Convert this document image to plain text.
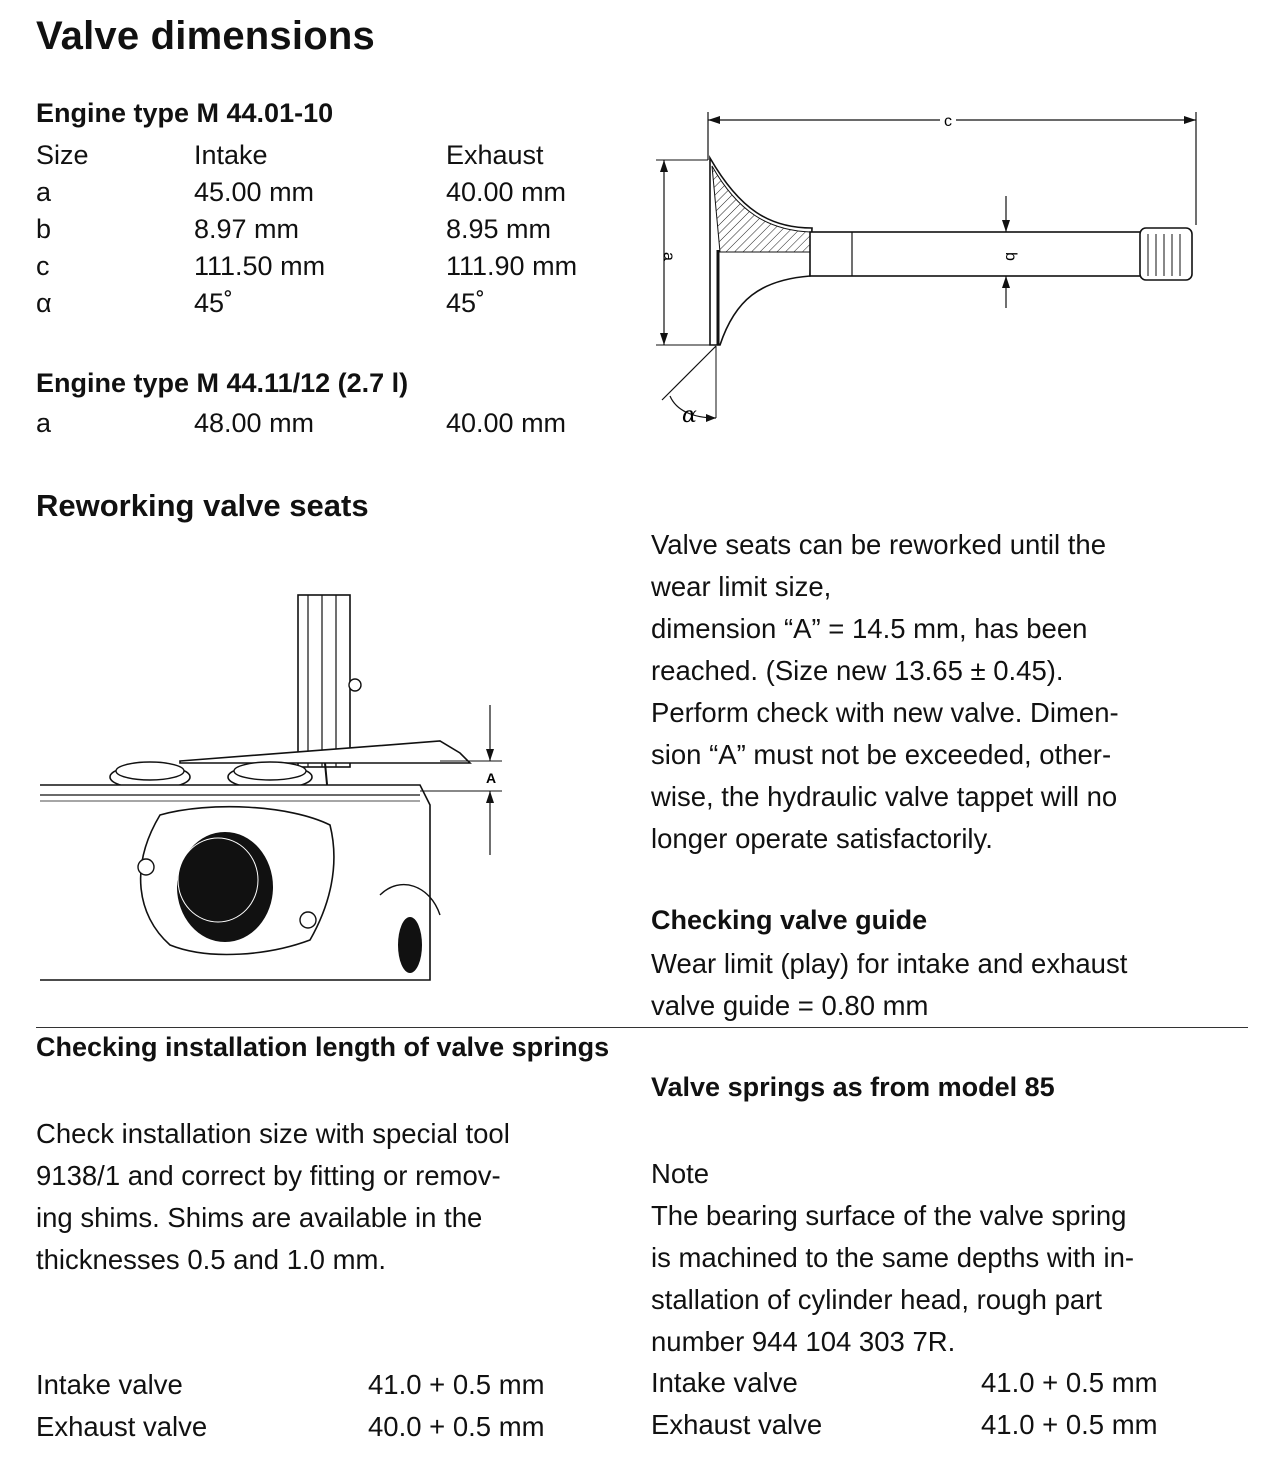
Valve dimensions
Engine type M 44.01-10
Size	Intake	Exhaust
a	45.00 mm	40.00 mm
b	8.97 mm	8.95 mm
c	111.50 mm	111.90 mm
α	45˚	45˚
Engine type M 44.11/12 (2.7 l)
a	48.00 mm	40.00 mm
c
a	b
α
Reworking valve seats
A
Valve seats can be reworked until the
wear limit size,
dimension “A” = 14.5 mm, has been
reached. (Size new 13.65 ± 0.45).
Perform check with new valve. Dimen-
sion “A” must not be exceeded, other-
wise, the hydraulic valve tappet will no
longer operate satisfactorily.
Checking valve guide
Wear limit (play) for intake and exhaust
valve guide = 0.80 mm
Checking installation length of valve springs
Valve springs as from model 85
Check installation size with special tool
9138/1 and correct by fitting or remov-
ing shims. Shims are available in the
thicknesses 0.5 and 1.0 mm.
Note
The bearing surface of the valve spring
is machined to the same depths with in-
stallation of cylinder head, rough part
number 944 104 303 7R.
Intake valve	41.0 + 0.5 mm
Exhaust valve	40.0 + 0.5 mm
Intake valve	41.0 + 0.5 mm
Exhaust valve	41.0 + 0.5 mm
